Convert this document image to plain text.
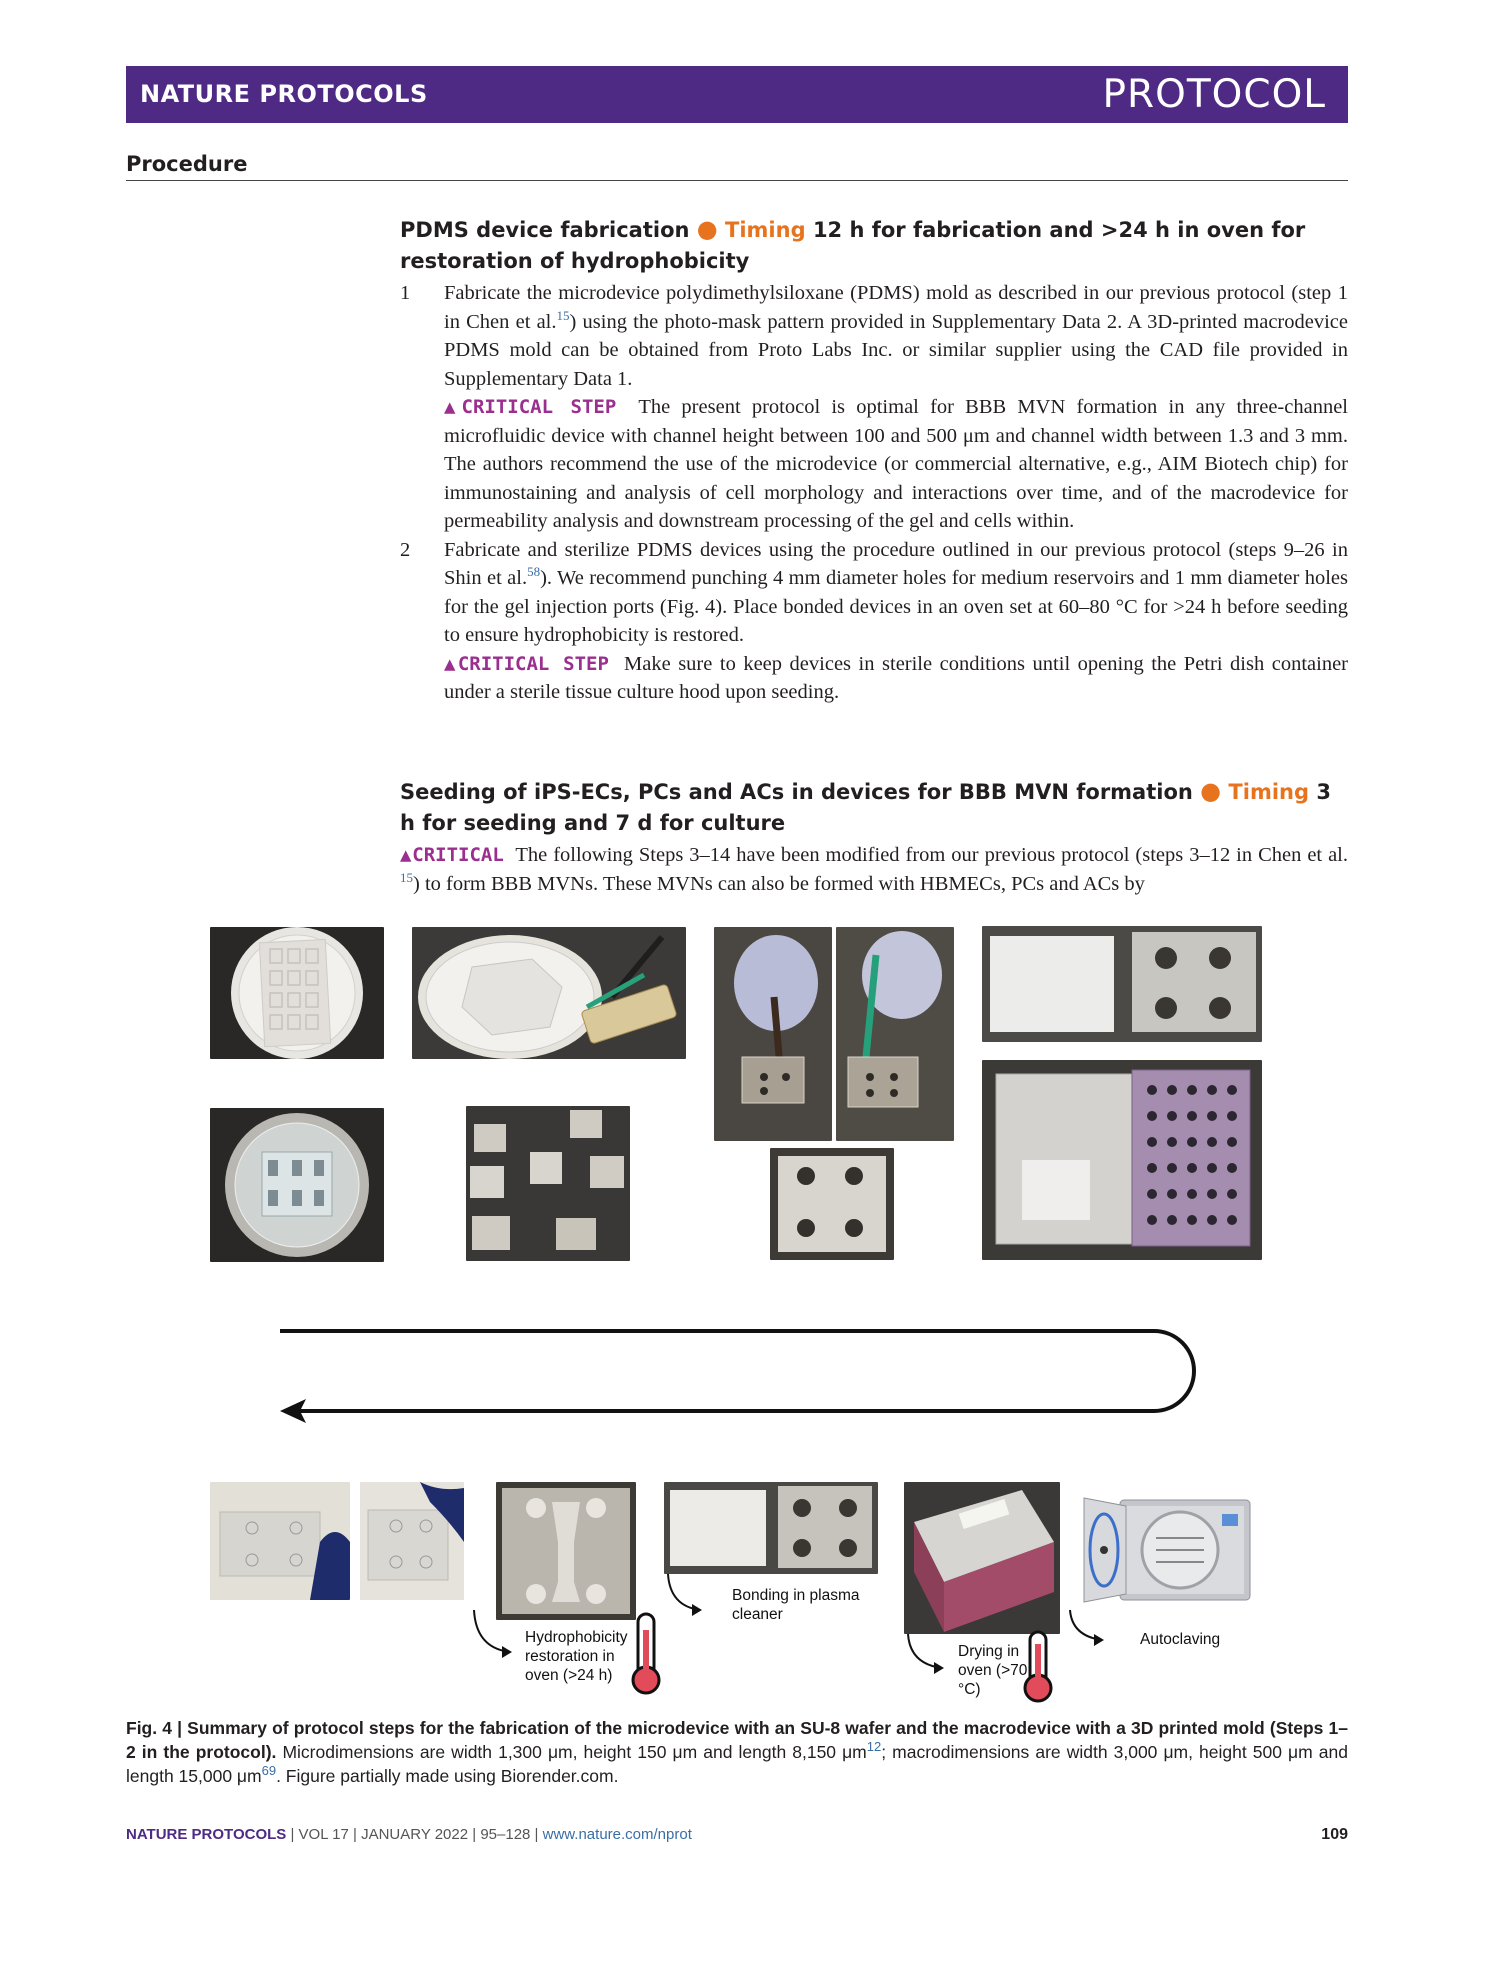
NATURE PROTOCOLS	PROTOCOL
Procedure
PDMS device fabrication ● Timing 12 h for fabrication and >24 h in oven for restoration of hydrophobicity
1 Fabricate the microdevice polydimethylsiloxane (PDMS) mold as described in our previous protocol (step 1 in Chen et al.$^{15}$) using the photo-mask pattern provided in Supplementary Data 2. A 3D-printed macrodevice PDMS mold can be obtained from Proto Labs Inc. or similar supplier using the CAD file provided in Supplementary Data 1.
▲CRITICAL STEP The present protocol is optimal for BBB MVN formation in any three-channel microfluidic device with channel height between 100 and 500 μm and channel width between 1.3 and 3 mm. The authors recommend the use of the microdevice (or commercial alternative, e.g., AIM Biotech chip) for immunostaining and analysis of cell morphology and interactions over time, and of the macrodevice for permeability analysis and downstream processing of the gel and cells within.
2 Fabricate and sterilize PDMS devices using the procedure outlined in our previous protocol (steps 9–26 in Shin et al.$^{58}$). We recommend punching 4 mm diameter holes for medium reservoirs and 1 mm diameter holes for the gel injection ports (Fig. 4). Place bonded devices in an oven set at 60–80 °C for >24 h before seeding to ensure hydrophobicity is restored.
▲CRITICAL STEP Make sure to keep devices in sterile conditions until opening the Petri dish container under a sterile tissue culture hood upon seeding.
Seeding of iPS-ECs, PCs and ACs in devices for BBB MVN formation ● Timing 3 h for seeding and 7 d for culture
▲CRITICAL The following Steps 3–14 have been modified from our previous protocol (steps 3–12 in Chen et al. $^{15}$) to form BBB MVNs. These MVNs can also be formed with HBMECs, PCs and ACs by
Hydrophobicity restoration in oven (>24 h)
Bonding in plasma cleaner
Drying in oven (>70 °C)
Autoclaving
Fig. 4 | Summary of protocol steps for the fabrication of the microdevice with an SU-8 wafer and the macrodevice with a 3D printed mold (Steps 1–2 in the protocol). Microdimensions are width 1,300 μm, height 150 μm and length 8,150 $\mu m^{12}$; macrodimensions are width 3,000 μm, height 500 μm and length 15,000 $\mu m^{69}$. Figure partially made using Biorender.com.
NATURE PROTOCOLS | VOL 17 | JANUARY 2022 | 95–128 | www.nature.com/nprot	109
